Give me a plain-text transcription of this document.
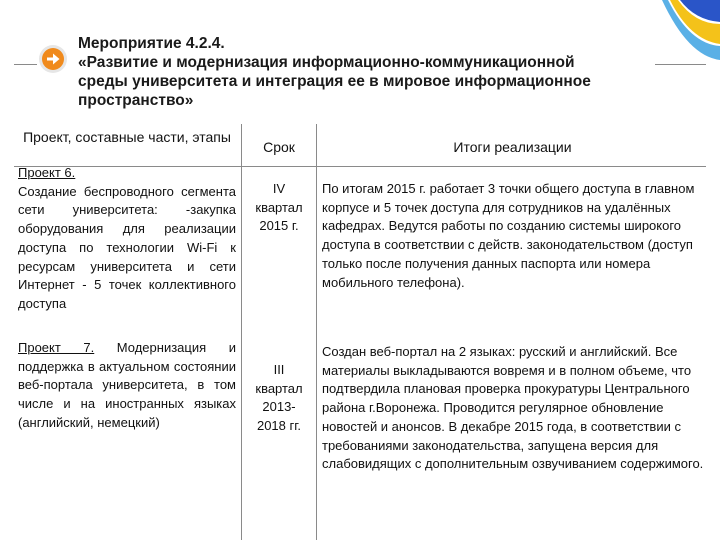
Мероприятие 4.2.4.
«Развитие и модернизация информационно-коммуникационной
среды университета и интеграция ее в мировое информационное
пространство»
Проект, составные части, этапы
Срок	Итоги реализации
Проект 6.
Создание беспроводного сегмента сети университета: -закупка оборудования для реализации доступа по технологии Wi-Fi к ресурсам университета и сети Интернет - 5 точек коллективного доступа
IV
квартал
2015 г.
По итогам 2015 г. работает 3 точки общего доступа в главном корпусе и 5 точек доступа для сотрудников на удалённых кафедрах. Ведутся работы по созданию системы широкого доступа в соответствии с действ. законодательством (доступ только после получения данных паспорта или номера мобильного телефона).
Проект 7. Модернизация и поддержка в актуальном состоянии веб-портала университета, в том числе и на иностранных языках (английский, немецкий)
III
квартал
2013-
2018 гг.
Создан веб-портал на 2 языках: русский и английский. Все материалы выкладываются вовремя и в полном объеме, что подтвердила плановая проверка прокуратуры Центрального района г.Воронежа. Проводится регулярное обновление новостей и анонсов. В декабре 2015 года, в соответствии с требованиями законодательства, запущена версия для слабовидящих с дополнительным озвучиванием содержимого.
